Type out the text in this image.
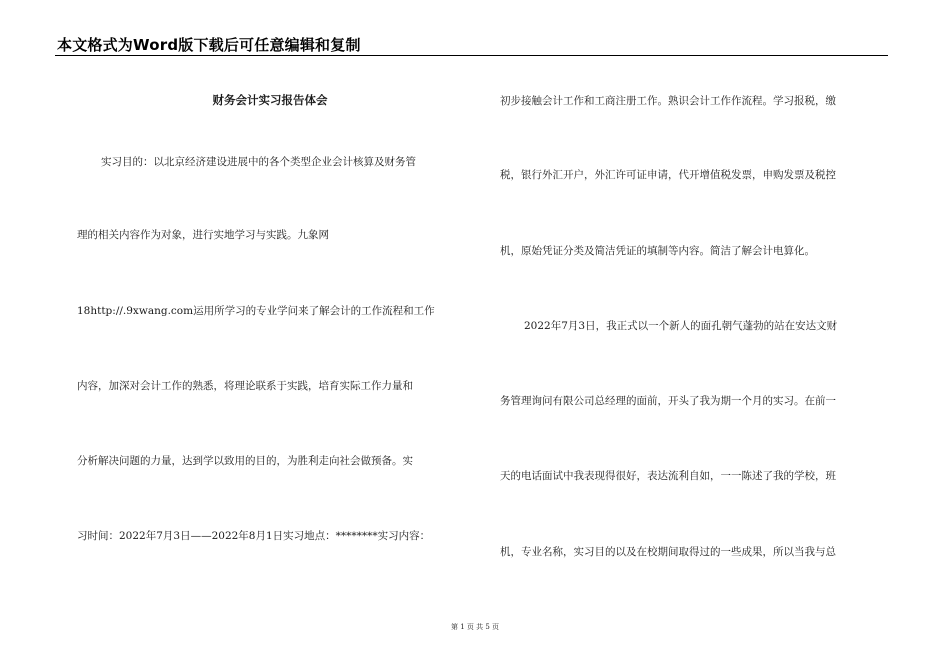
本文格式为Word版下载后可任意编辑和复制
财务会计实习报告体会
实习目的：以北京经济建设进展中的各个类型企业会计核算及财务管
理的相关内容作为对象，进行实地学习与实践。九象网
18http://.9xwang.com运用所学习的专业学问来了解会计的工作流程和工作
内容，加深对会计工作的熟悉，将理论联系于实践，培育实际工作力量和
分析解决问题的力量，达到学以致用的目的，为胜利走向社会做预备。实
习时间：2022年7月3日——2022年8月1日实习地点：********实习内容：
初步接触会计工作和工商注册工作。熟识会计工作作流程。学习报税，缴
税，银行外汇开户，外汇许可证申请，代开增值税发票，申购发票及税控
机，原始凭证分类及简洁凭证的填制等内容。简洁了解会计电算化。
2022年7月3日，我正式以一个新人的面孔朝气蓬勃的站在安达文财
务管理询问有限公司总经理的面前，开头了我为期一个月的实习。在前一
天的电话面试中我表现得很好，表达流利自如，一一陈述了我的学校，班
机，专业名称，实习目的以及在校期间取得过的一些成果，所以当我与总
第 1 页 共 5 页
